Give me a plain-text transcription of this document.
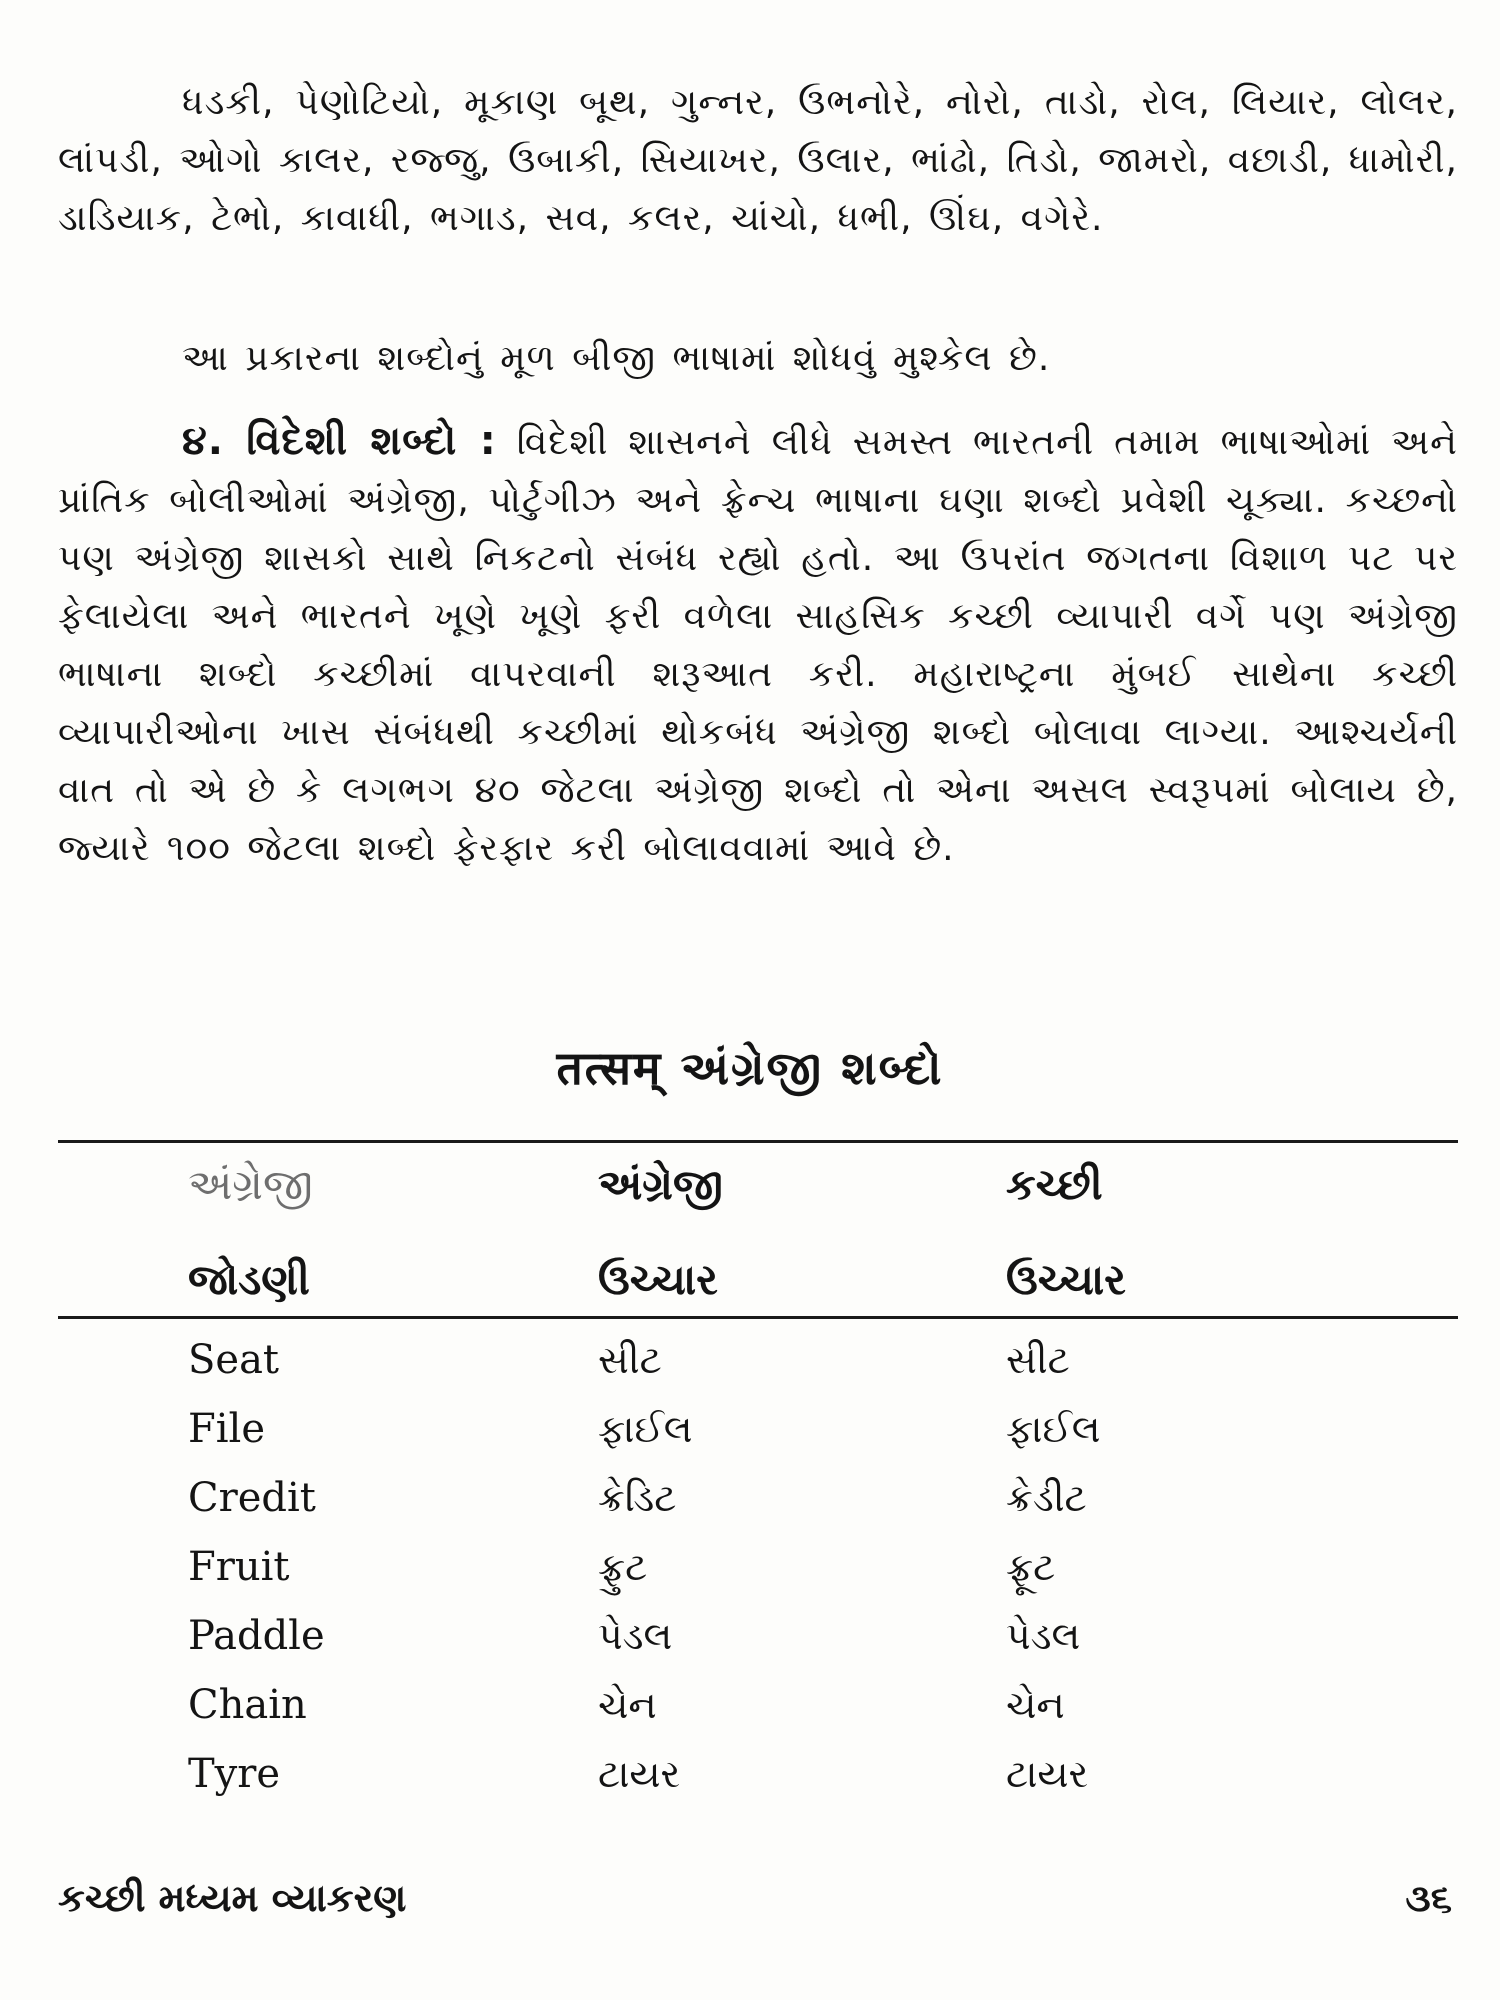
ધડકી, પેણોટિયો, મૂકાણ બૂથ, ગુન્નર, ઉભનોરે, નોરો, તાડો, રોલ, લિયાર, લોલર, લાંપડી, ઓગો કાલર, રજ્જુ, ઉબાકી, સિયાખર, ઉલાર, ભાંઢો, તિડો, જામરો, વછાડી, ધામોરી, ડાડિયાક, ટેભો, કાવાધી, ભગાડ, સવ, કલર, ચાંચો, ધભી, ઊંઘ, વગેરે.
આ પ્રકારના શબ્દોનું મૂળ બીજી ભાષામાં શોધવું મુશ્કેલ છે.
૪. વિદેશી શબ્દો : વિદેશી શાસનને લીધે સમસ્ત ભારતની તમામ ભાષાઓમાં અને પ્રાંતિક બોલીઓમાં અંગ્રેજી, પોર્ટુગીઝ અને ફ્રેન્ચ ભાષાના ઘણા શબ્દો પ્રવેશી ચૂક્યા. કચ્છનો પણ અંગ્રેજી શાસકો સાથે નિકટનો સંબંધ રહ્યો હતો. આ ઉપરાંત જગતના વિશાળ પટ પર ફેલાયેલા અને ભારતને ખૂણે ખૂણે ફરી વળેલા સાહસિક કચ્છી વ્યાપારી વર્ગે પણ અંગ્રેજી ભાષાના શબ્દો કચ્છીમાં વાપરવાની શરૂઆત કરી. મહારાષ્ટ્રના મુંબઈ સાથેના કચ્છી વ્યાપારીઓના ખાસ સંબંધથી કચ્છીમાં થોકબંધ અંગ્રેજી શબ્દો બોલાવા લાગ્યા. આશ્ચર્યની વાત તો એ છે કે લગભગ ૪૦ જેટલા અંગ્રેજી શબ્દો તો એના અસલ સ્વરૂપમાં બોલાય છે, જ્યારે ૧૦૦ જેટલા શબ્દો ફેરફાર કરી બોલાવવામાં આવે છે.
तत्सम् અંગ્રેજી શબ્દો
અંગ્રેજી	અંગ્રેજી	કચ્છી
જોડણી	ઉચ્ચાર	ઉચ્ચાર
Seat	સીટ	સીટ
File	ફાઈલ	ફાઈલ
Credit	ક્રેડિટ	ક્રેડીટ
Fruit	ફ્રુટ	ફ્રૂટ
Paddle	પેડલ	પેડલ
Chain	ચેન	ચેન
Tyre	ટાયર	ટાયર
કચ્છી મધ્યમ વ્યાકરણ	૩૬
